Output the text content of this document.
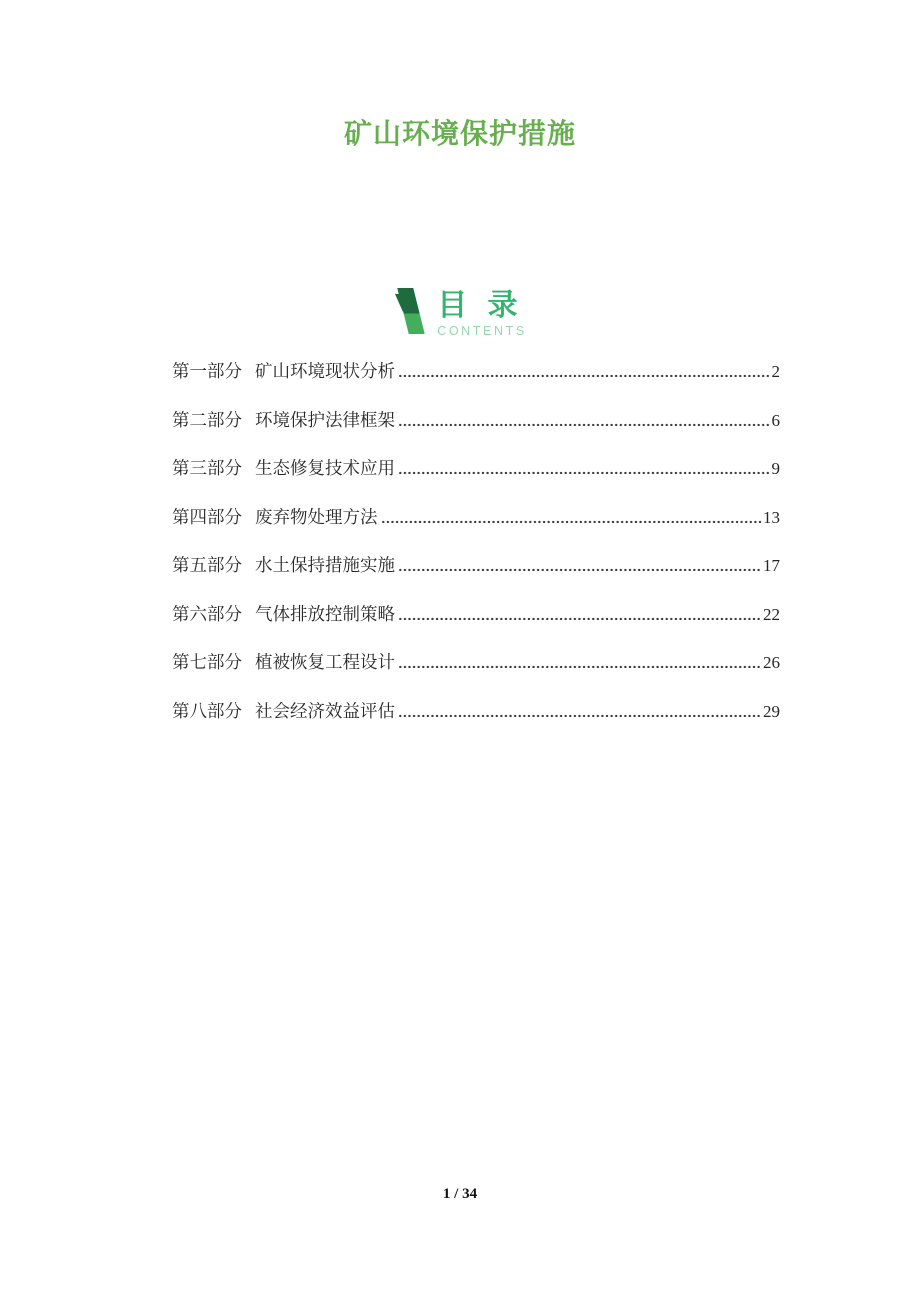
矿山环境保护措施
目 录
CONTENTS
第一部分 矿山环境现状分析	2
第二部分 环境保护法律框架	6
第三部分 生态修复技术应用	9
第四部分 废弃物处理方法	13
第五部分 水土保持措施实施	17
第六部分 气体排放控制策略	22
第七部分 植被恢复工程设计	26
第八部分 社会经济效益评估	29
1 / 34
